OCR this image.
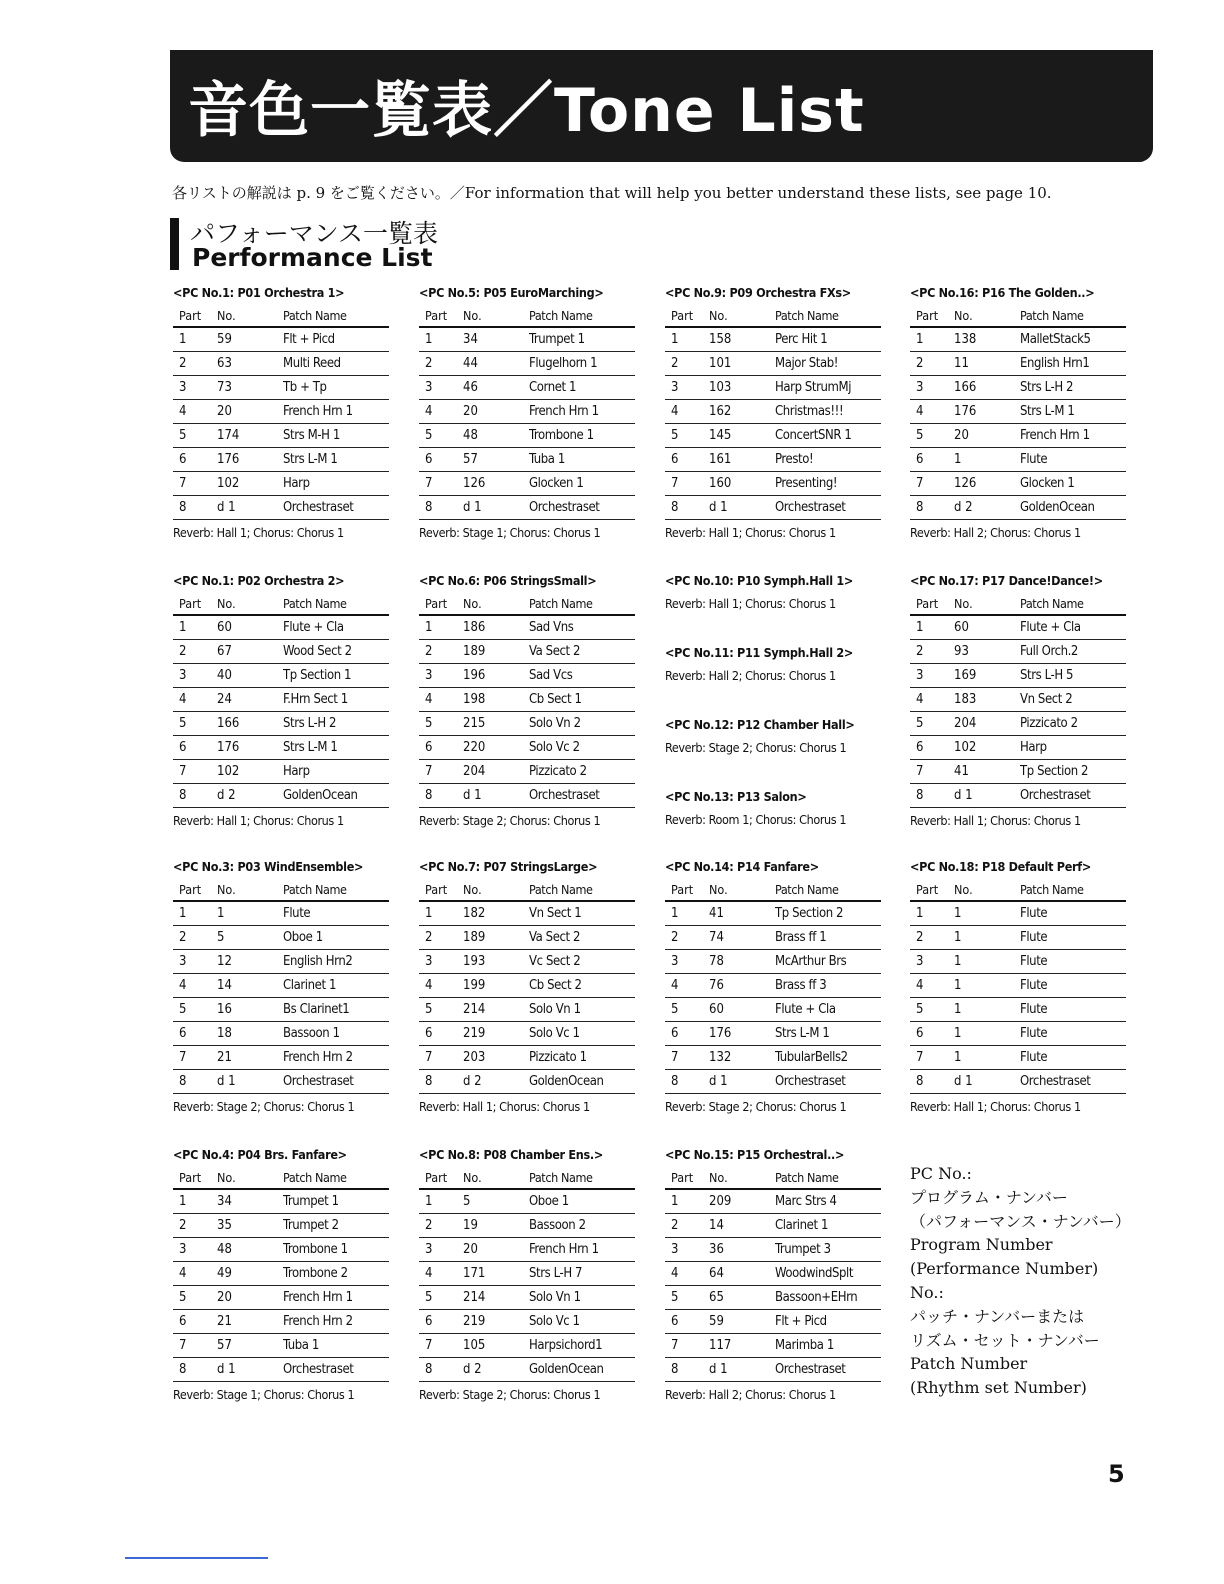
音色一覧表／Tone List
各リストの解説は p. 9 をご覧ください。／For information that will help you better understand these lists, see page 10.
パフォーマンス一覧表
Performance List
<PC No.1: P01 Orchestra 1>
Part	No.	Patch Name
1	59	Flt + Picd
2	63	Multi Reed
3	73	Tb + Tp
4	20	French Hrn 1
5	174	Strs M-H 1
6	176	Strs L-M 1
7	102	Harp
8	d 1	Orchestraset
Reverb: Hall 1; Chorus: Chorus 1
<PC No.1: P02 Orchestra 2>
Part	No.	Patch Name
1	60	Flute + Cla
2	67	Wood Sect 2
3	40	Tp Section 1
4	24	F.Hrn Sect 1
5	166	Strs L-H 2
6	176	Strs L-M 1
7	102	Harp
8	d 2	GoldenOcean
Reverb: Hall 1; Chorus: Chorus 1
<PC No.3: P03 WindEnsemble>
Part	No.	Patch Name
1	1	Flute
2	5	Oboe 1
3	12	English Hrn2
4	14	Clarinet 1
5	16	Bs Clarinet1
6	18	Bassoon 1
7	21	French Hrn 2
8	d 1	Orchestraset
Reverb: Stage 2; Chorus: Chorus 1
<PC No.4: P04 Brs. Fanfare>
Part	No.	Patch Name
1	34	Trumpet 1
2	35	Trumpet 2
3	48	Trombone 1
4	49	Trombone 2
5	20	French Hrn 1
6	21	French Hrn 2
7	57	Tuba 1
8	d 1	Orchestraset
Reverb: Stage 1; Chorus: Chorus 1
<PC No.5: P05 EuroMarching>
Part	No.	Patch Name
1	34	Trumpet 1
2	44	Flugelhorn 1
3	46	Cornet 1
4	20	French Hrn 1
5	48	Trombone 1
6	57	Tuba 1
7	126	Glocken 1
8	d 1	Orchestraset
Reverb: Stage 1; Chorus: Chorus 1
<PC No.6: P06 StringsSmall>
Part	No.	Patch Name
1	186	Sad Vns
2	189	Va Sect 2
3	196	Sad Vcs
4	198	Cb Sect 1
5	215	Solo Vn 2
6	220	Solo Vc 2
7	204	Pizzicato 2
8	d 1	Orchestraset
Reverb: Stage 2; Chorus: Chorus 1
<PC No.7: P07 StringsLarge>
Part	No.	Patch Name
1	182	Vn Sect 1
2	189	Va Sect 2
3	193	Vc Sect 2
4	199	Cb Sect 2
5	214	Solo Vn 1
6	219	Solo Vc 1
7	203	Pizzicato 1
8	d 2	GoldenOcean
Reverb: Hall 1; Chorus: Chorus 1
<PC No.8: P08 Chamber Ens.>
Part	No.	Patch Name
1	5	Oboe 1
2	19	Bassoon 2
3	20	French Hrn 1
4	171	Strs L-H 7
5	214	Solo Vn 1
6	219	Solo Vc 1
7	105	Harpsichord1
8	d 2	GoldenOcean
Reverb: Stage 2; Chorus: Chorus 1
<PC No.9: P09 Orchestra FXs>
Part	No.	Patch Name
1	158	Perc Hit 1
2	101	Major Stab!
3	103	Harp StrumMj
4	162	Christmas!!!
5	145	ConcertSNR 1
6	161	Presto!
7	160	Presenting!
8	d 1	Orchestraset
Reverb: Hall 1; Chorus: Chorus 1
<PC No.14: P14 Fanfare>
Part	No.	Patch Name
1	41	Tp Section 2
2	74	Brass ff 1
3	78	McArthur Brs
4	76	Brass ff 3
5	60	Flute + Cla
6	176	Strs L-M 1
7	132	TubularBells2
8	d 1	Orchestraset
Reverb: Stage 2; Chorus: Chorus 1
<PC No.15: P15 Orchestral..>
Part	No.	Patch Name
1	209	Marc Strs 4
2	14	Clarinet 1
3	36	Trumpet 3
4	64	WoodwindSplt
5	65	Bassoon+EHrn
6	59	Flt + Picd
7	117	Marimba 1
8	d 1	Orchestraset
Reverb: Hall 2; Chorus: Chorus 1
<PC No.16: P16 The Golden..>
Part	No.	Patch Name
1	138	MalletStack5
2	11	English Hrn1
3	166	Strs L-H 2
4	176	Strs L-M 1
5	20	French Hrn 1
6	1	Flute
7	126	Glocken 1
8	d 2	GoldenOcean
Reverb: Hall 2; Chorus: Chorus 1
<PC No.17: P17 Dance!Dance!>
Part	No.	Patch Name
1	60	Flute + Cla
2	93	Full Orch.2
3	169	Strs L-H 5
4	183	Vn Sect 2
5	204	Pizzicato 2
6	102	Harp
7	41	Tp Section 2
8	d 1	Orchestraset
Reverb: Hall 1; Chorus: Chorus 1
<PC No.18: P18 Default Perf>
Part	No.	Patch Name
1	1	Flute
2	1	Flute
3	1	Flute
4	1	Flute
5	1	Flute
6	1	Flute
7	1	Flute
8	d 1	Orchestraset
Reverb: Hall 1; Chorus: Chorus 1
<PC No.10: P10 Symph.Hall 1>
Reverb: Hall 1; Chorus: Chorus 1
<PC No.11: P11 Symph.Hall 2>
Reverb: Hall 2; Chorus: Chorus 1
<PC No.12: P12 Chamber Hall>
Reverb: Stage 2; Chorus: Chorus 1
<PC No.13: P13 Salon>
Reverb: Room 1; Chorus: Chorus 1
PC No.:
プログラム・ナンバー
（パフォーマンス・ナンバー）
Program Number
(Performance Number)
No.:
パッチ・ナンバーまたは
リズム・セット・ナンバー
Patch Number
(Rhythm set Number)
5
